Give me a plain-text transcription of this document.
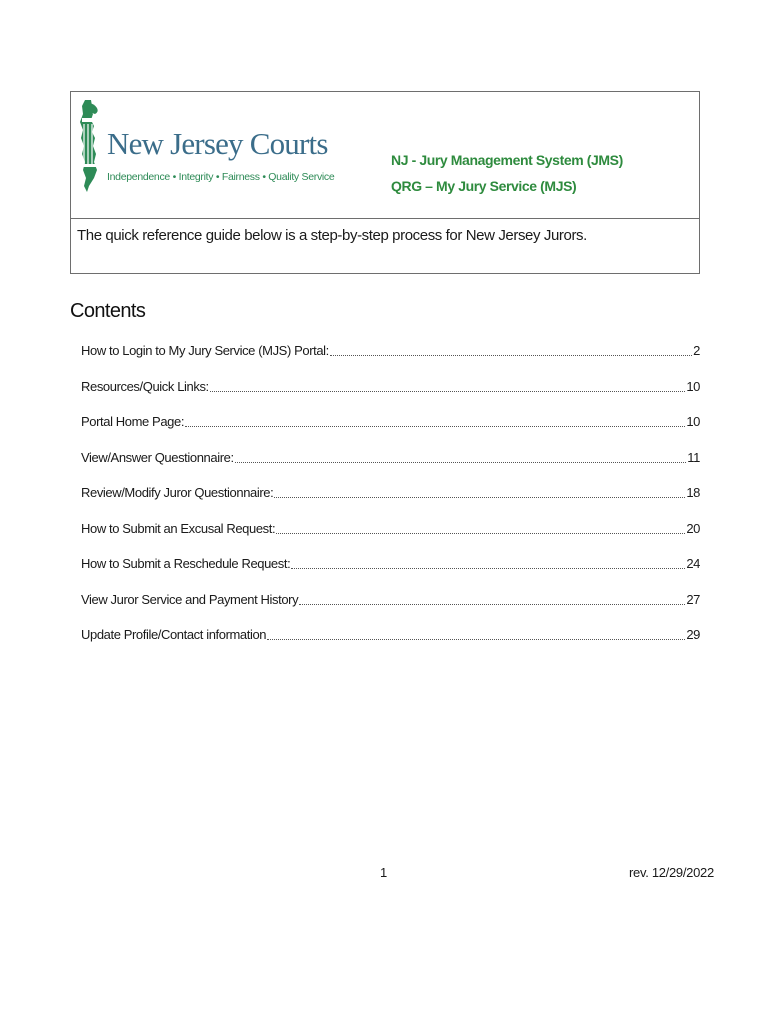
New Jersey Courts
Independence • Integrity • Fairness • Quality Service
NJ - Jury Management System (JMS)
QRG – My Jury Service (MJS)
The quick reference guide below is a step-by-step process for New Jersey Jurors.
Contents
How to Login to My Jury Service (MJS) Portal:	2
Resources/Quick Links:	10
Portal Home Page:	10
View/Answer Questionnaire:	11
Review/Modify Juror Questionnaire:	18
How to Submit an Excusal Request:	20
How to Submit a Reschedule Request:	24
View Juror Service and Payment History	27
Update Profile/Contact information	29
1	rev. 12/29/2022
